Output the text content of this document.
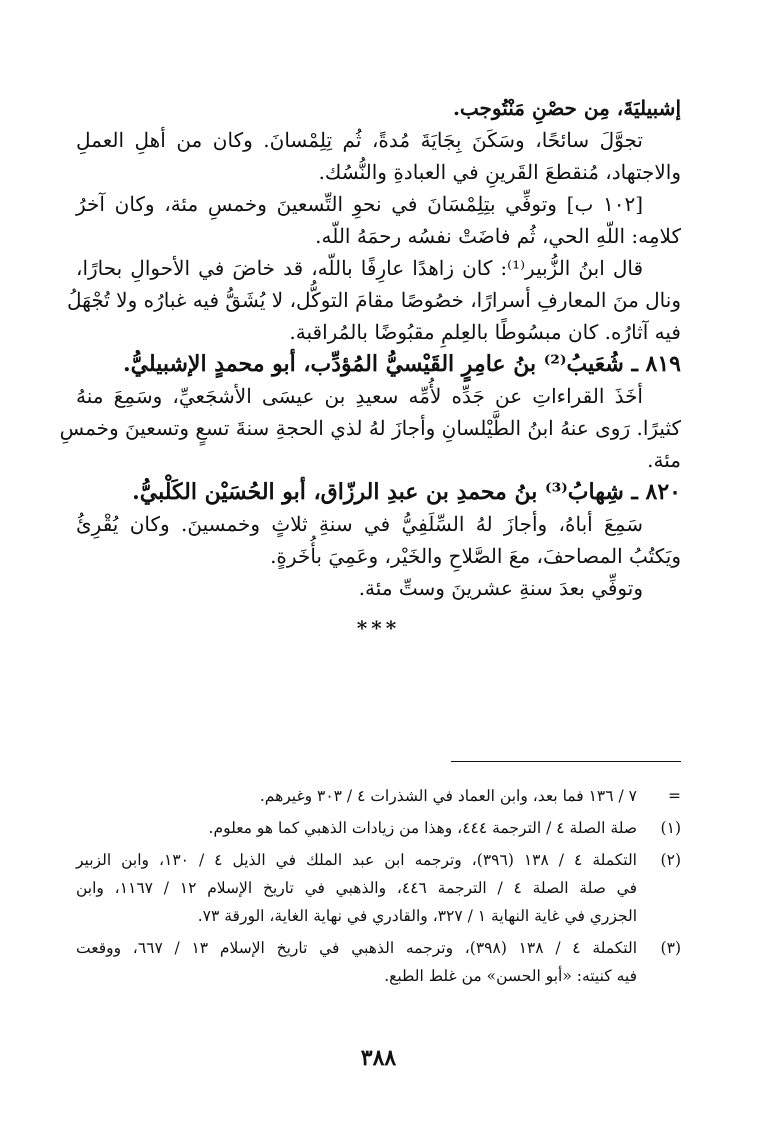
إشبيليَةَ، مِن حصْنِ مَنْتُوجب.
تجوَّلَ سائحًا، وسَكَنَ بِجَايَةَ مُدةً، ثُم تِلِمْسانَ. وكان من أهلِ العملِ
والاجتهاد، مُنقطعَ القَرينِ في العبادةِ والنُّسُك.
[١٠٢ ب] وتوفِّي بتِلِمْسَانَ في نحوِ التِّسعينَ وخمسِ مئة، وكان آخرُ
كلامِه: اللّهِ الحي، ثُم فاضَتْ نفسُه رحمَهُ اللّه.
قال ابنُ الزُّبير⁽¹⁾: كان زاهدًا عارِفًا باللّه، قد خاضَ في الأحوالِ بحارًا،
ونال منَ المعارفِ أسرارًا، خصُوصًا مقامَ التوكُّل، لا يُشَقُّ فيه غبارُه ولا تُجْهَلُ
فيه آثارُه. كان مبسُوطًا بالعِلمِ مقبُوضًا بالمُراقبة.
٨١٩ ـ شُعَيبُ⁽²⁾ بنُ عامِرٍ القَيْسيُّ المُؤدِّب، أبو محمدٍ الإشبيليُّ.
أخَذَ القراءاتِ عن جَدِّه لأُمِّه سعيدِ بن عيسَى الأشجَعيِّ، وسَمِعَ منهُ
كثيرًا. رَوى عنهُ ابنُ الطَّيْلسانِ وأجازَ لهُ لذي الحجةِ سنةَ تسعٍ وتسعينَ وخمسِ
مئة.
٨٢٠ ـ شِهابُ⁽³⁾ بنُ محمدِ بن عبدِ الرزّاق، أبو الحُسَيْن الكَلْبيُّ.
سَمِعَ أباهُ، وأجازَ لهُ السِّلَفِيُّ في سنةِ ثلاثٍ وخمسينَ. وكان يُقْرِئُ
ويَكتُبُ المصاحفَ، معَ الصَّلاحِ والخَيْر، وعَمِيَ بأُخَرةٍ.
وتوفِّي بعدَ سنةِ عشرينَ وستِّ مئة.
***
=
٧ / ١٣٦ فما بعد، وابن العماد في الشذرات ٤ / ٣٠٣ وغيرهم.
(١)
صلة الصلة ٤ / الترجمة ٤٤٤، وهذا من زيادات الذهبي كما هو معلوم.
(٢)
التكملة ٤ / ١٣٨ (٣٩٦)، وترجمه ابن عبد الملك في الذيل ٤ / ١٣٠، وابن الزبير
في صلة الصلة ٤ / الترجمة ٤٤٦، والذهبي في تاريخ الإسلام ١٢ / ١١٦٧، وابن
الجزري في غاية النهاية ١ / ٣٢٧، والقادري في نهاية الغاية، الورقة ٧٣.
(٣)
التكملة ٤ / ١٣٨ (٣٩٨)، وترجمه الذهبي في تاريخ الإسلام ١٣ / ٦٦٧، ووقعت
فيه كنيته: «أبو الحسن» من غلط الطبع.
٣٨٨
